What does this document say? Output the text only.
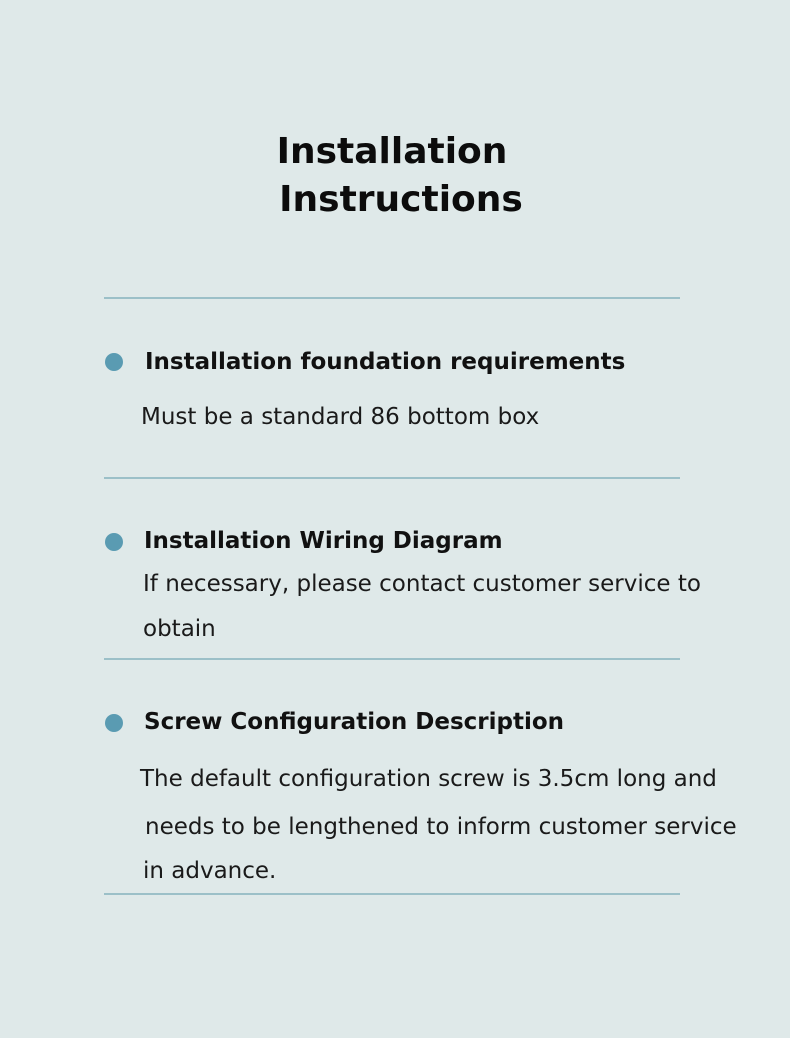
Installation
Instructions
Installation foundation requirements
Must be a standard 86 bottom box
Installation Wiring Diagram
If necessary, please contact customer service to
obtain
Screw Configuration Description
The default configuration screw is 3.5cm long and
needs to be lengthened to inform customer service
in advance.
